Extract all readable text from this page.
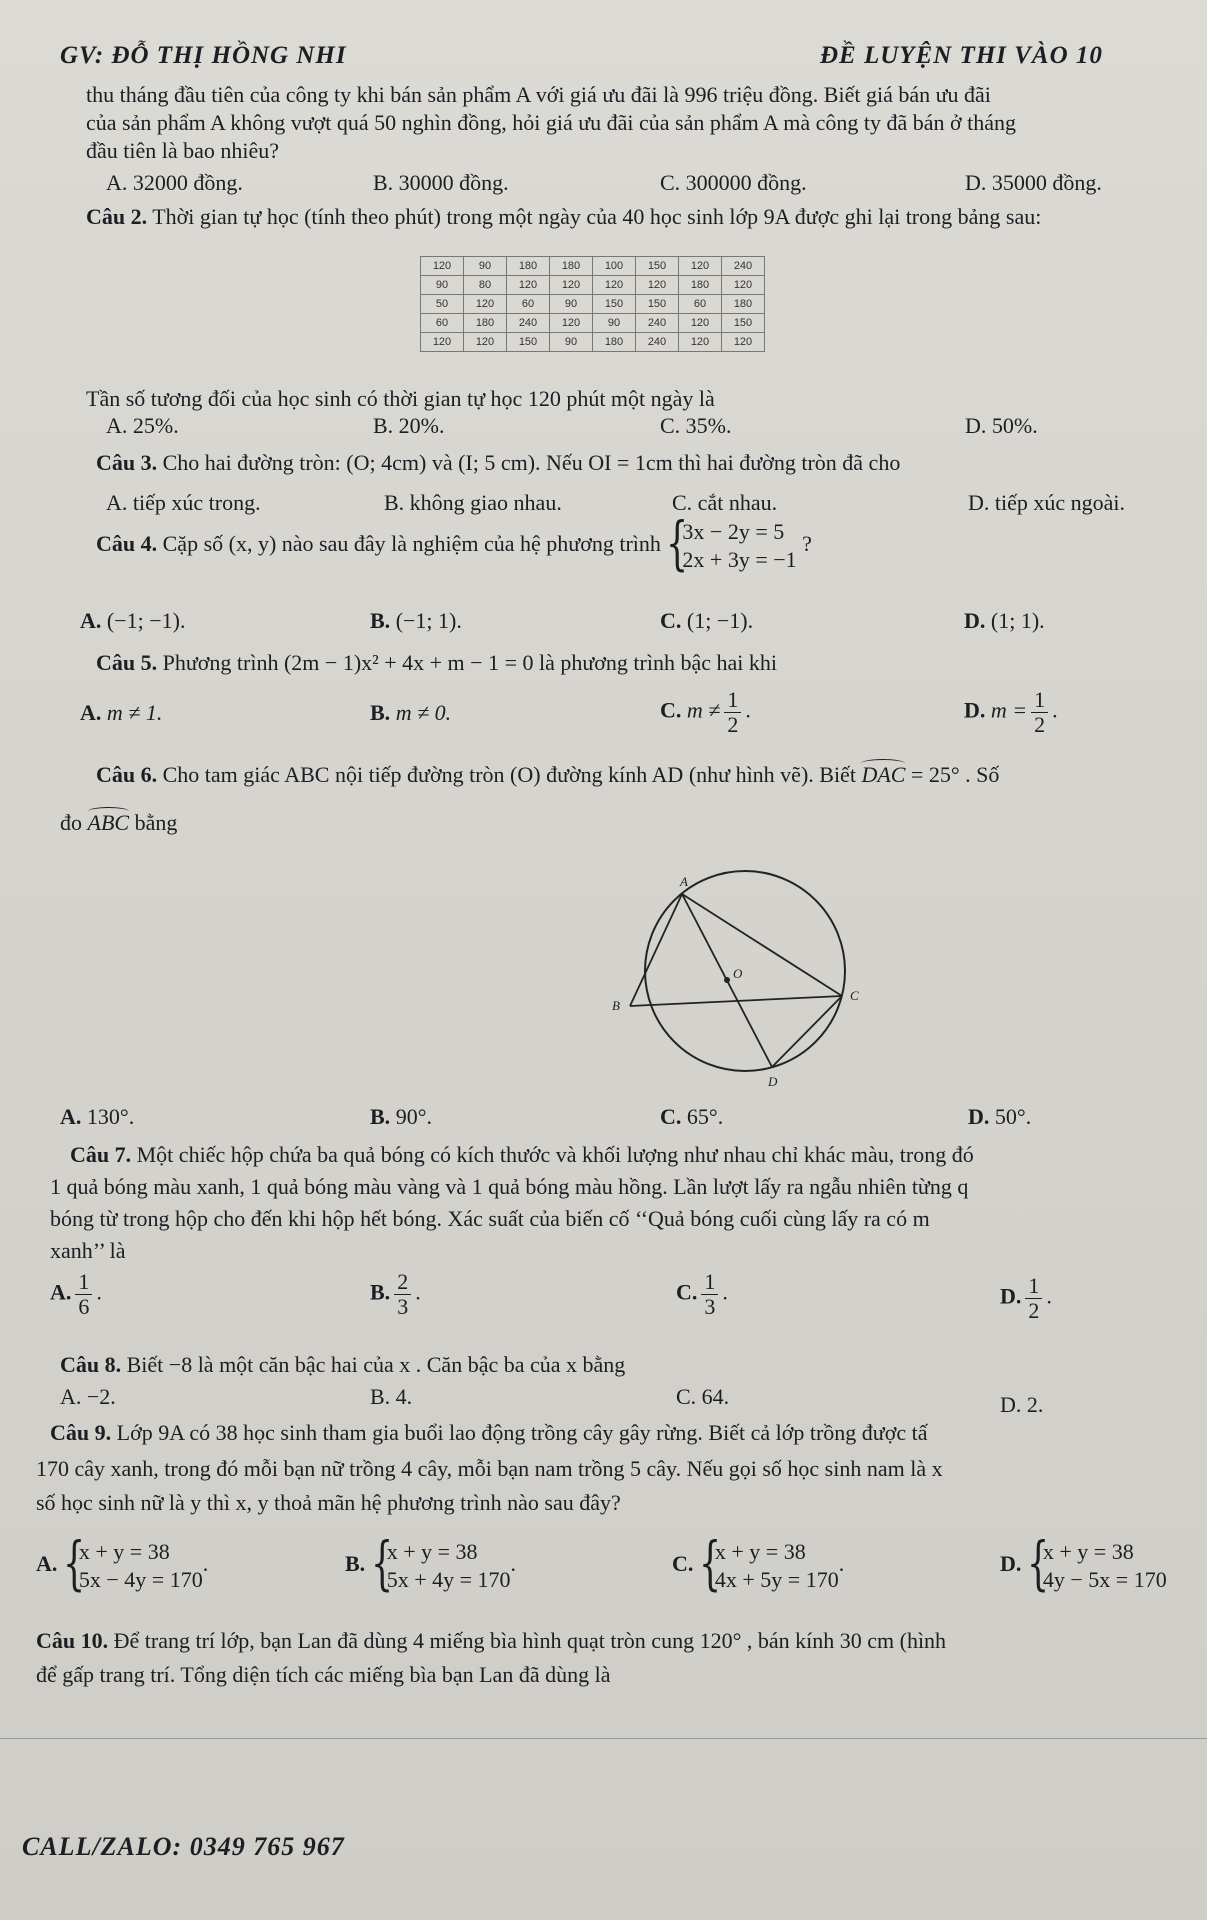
GV: ĐỖ THỊ HỒNG NHI	ĐỀ LUYỆN THI VÀO 10
thu tháng đầu tiên của công ty khi bán sản phẩm A với giá ưu đãi là 996 triệu đồng. Biết giá bán ưu đãi
của sản phẩm A không vượt quá 50 nghìn đồng, hỏi giá ưu đãi của sản phẩm A mà công ty đã bán ở tháng
đầu tiên là bao nhiêu?
A. 32000 đồng.	B. 30000 đồng.	C. 300000 đồng.	D. 35000 đồng.
Câu 2. Thời gian tự học (tính theo phút) trong một ngày của 40 học sinh lớp 9A được ghi lại trong bảng sau:
120	90	180	180	100	150	120	240
90	80	120	120	120	120	180	120
50	120	60	90	150	150	60	180
60	180	240	120	90	240	120	150
120	120	150	90	180	240	120	120
Tần số tương đối của học sinh có thời gian tự học 120 phút một ngày là
A. 25%.	B. 20%.	C. 35%.	D. 50%.
Câu 3. Cho hai đường tròn: (O; 4cm) và (I; 5 cm). Nếu OI = 1cm thì hai đường tròn đã cho
A. tiếp xúc trong.	B. không giao nhau.	C. cắt nhau.	D. tiếp xúc ngoài.
Câu 4. Cặp số (x, y) nào sau đây là nghiệm của hệ phương trình {
3x − 2y = 5
2x + 3y = −1
?
A. (−1; −1).	B. (−1; 1).	C. (1; −1).	D. (1; 1).
Câu 5. Phương trình (2m − 1)x² + 4x + m − 1 = 0 là phương trình bậc hai khi
A. m ≠ 1.	B. m ≠ 0.	C. $m \ne \frac{1}{2}$ .	D. $m = \frac{1}{2}$ .
Câu 6. Cho tam giác ABC nội tiếp đường tròn (O) đường kính AD (như hình vẽ). Biết DAC = 25° . Số
đo ABC bằng
A
O
B
C
D
A. 130°.	B. 90°.	C. 65°.	D. 50°.
Câu 7. Một chiếc hộp chứa ba quả bóng có kích thước và khối lượng như nhau chỉ khác màu, trong đó
1 quả bóng màu xanh, 1 quả bóng màu vàng và 1 quả bóng màu hồng. Lần lượt lấy ra ngẫu nhiên từng q
bóng từ trong hộp cho đến khi hộp hết bóng. Xác suất của biến cố ‘‘Quả bóng cuối cùng lấy ra có m
xanh’’ là
A. $\frac{1}{6}$ .	B. $\frac{2}{3}$ .	C. $\frac{1}{3}$ .	D. $\frac{1}{2}$ .
Câu 8. Biết −8 là một căn bậc hai của x . Căn bậc ba của x bằng
A. −2.	B. 4.	C. 64.	D. 2.
Câu 9. Lớp 9A có 38 học sinh tham gia buổi lao động trồng cây gây rừng. Biết cả lớp trồng được tấ
170 cây xanh, trong đó mỗi bạn nữ trồng 4 cây, mỗi bạn nam trồng 5 cây. Nếu gọi số học sinh nam là x
số học sinh nữ là y thì x, y thoả mãn hệ phương trình nào sau đây?
A. {
x + y = 38
5x − 4y = 170
.	B. {
x + y = 38
5x + 4y = 170
.	C. {
x + y = 38
4x + 5y = 170
.	D. {
x + y = 38
4y − 5x = 170
Câu 10. Để trang trí lớp, bạn Lan đã dùng 4 miếng bìa hình quạt tròn cung 120° , bán kính 30 cm (hình
để gấp trang trí. Tổng diện tích các miếng bìa bạn Lan đã dùng là
CALL/ZALO: 0349 765 967
